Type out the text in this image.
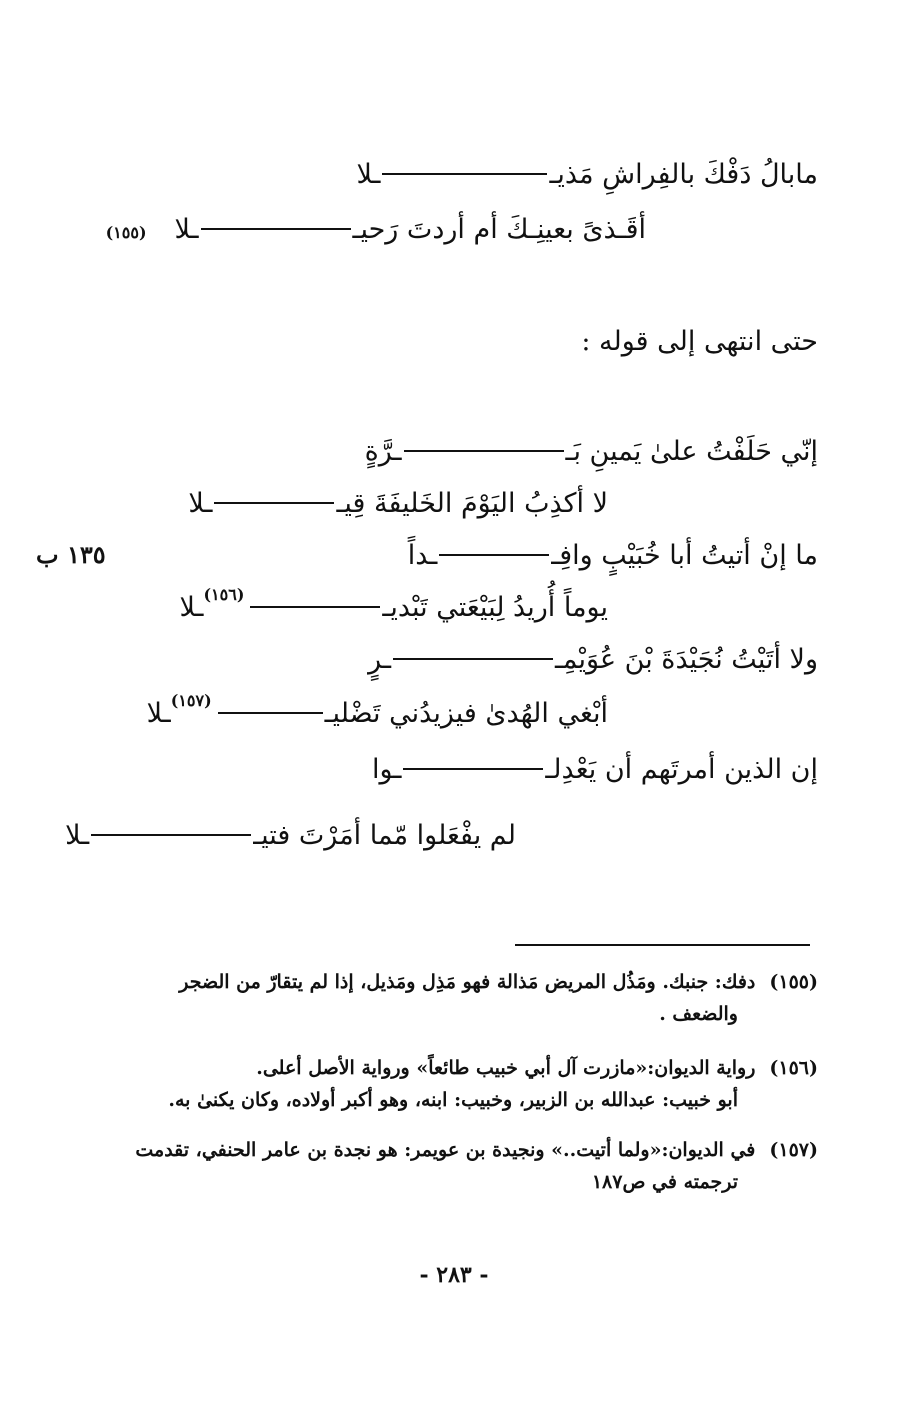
مابالُ دَفْكَ بالفِراشِ مَذيـ
ـلا
أقَـذىً بعينِـكَ أم أردتَ رَحيـ
ـلا
(١٥٥)
حتى انتهى إلى قوله :
إنّي حَلَفْتُ علىٰ يَمينِ بَـ
ـرَّةٍ
لا أكذِبُ اليَوْمَ الخَليفَةَ قِيـ
ـلا
ما إنْ أتيتُ أبا خُبَيْبٍ وافِـ
ـداً
يوماً أُريدُ لِبَيْعَتي تَبْديـ
(١٥٦)
ـلا
ولا أتَيْتُ نُجَيْدَةَ بْنَ عُوَيْمِـ
ـرٍ
أبْغي الهُدىٰ فيزيدُني تَضْليـ
(١٥٧)
ـلا
إن الذين أمرتَهم أن يَعْدِلـ
ـوا
لم يفْعَلوا مّما أمَرْتَ فتيـ
ـلا
١٣٥ ب
(١٥٥)دفك: جنبك. ومَذُل المريض مَذالة فهو مَذِل ومَذيل، إذا لم يتقارّ من الضجر
والضعف .
(١٥٦)رواية الديوان:«مازرت آل أبي خبيب طائعاً» ورواية الأصل أعلى.
أبو خبيب: عبدالله بن الزبير، وخبيب: ابنه، وهو أكبر أولاده، وكان يكنىٰ به.
(١٥٧)في الديوان:«ولما أتيت..» ونجيدة بن عويمر: هو نجدة بن عامر الحنفي، تقدمت
ترجمته في ص١٨٧
- ٢٨٣ -
